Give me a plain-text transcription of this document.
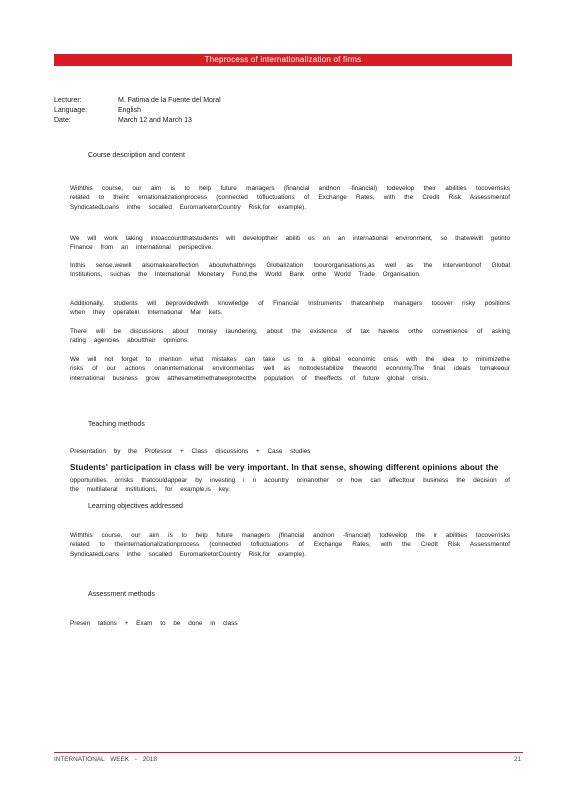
Theprocess of internationalization of firms
Lecturer:	M. Fatima de la Fuente del Moral
Language:	English
Date:	March 12 and March 13
Course description and content
Withthis course, our aim is to help future managers (financial andnon -financial) todevelop their abilities tocoverrisks related to theint ernationalizationprocess (connected tofluctuations of Exchange Rates, with the Credit Risk Assessmentof SyndicatedLoans inthe socalled EuromarketorCountry Risk,for example).
We will work taking intoaccountthatstudents will developtheir abiliti es on an international environment, so thatwewill getinto Finance from an international perspective.
Inthis sense,wewill alsomakeareflection aboutwhatbrings Globalization toourorganisations,as well as the interventionof Global Institutions, suchas the International Monetary Fund,the World Bank orthe World Trade Organisation.
Additionally, students will beprovidedwith knowledge of Financial Instruments thatcanhelp managers tocover risky positions when they operatein International Mar kets.
There will be discussions about money laundering, about the existence of tax havens orthe convenience of asking rating agencies abouttheir opinions.
We will not forget to mention what mistakes can take us to a global economic crisis with the idea to minimizethe risks of our actions onaninternational environmentas well as nottodestabilize theworld economy.The final ideals tomakeour international business grow atthesametimethatweprotectthe population of theeffects of future global crisis.
Teaching methods
Presentation by the Professor + Class discussions + Case studies
Students' participation in class will be very important. In that sense, showing different opinions about the
opportunities orrisks thatcouldappear by investing i n acountry orinanother or how can affecttour business the decision of the multilateral institutions, for example,is key.
Learning objectives addressed
Withthis course, our aim is to help future managers (financial andnon -financial) todevelop the ir abilities tocoverrisks related to theinternationalizationprocess (connected tofluctuations of Exchange Rates, with the Credit Risk Assessmentof SyndicatedLoans inthe socalled EuromarketorCountry Risk,for example).
Assessment methods
Presen tations + Exam to be done in class
INTERNATIONAL WEEK - 2018	21
